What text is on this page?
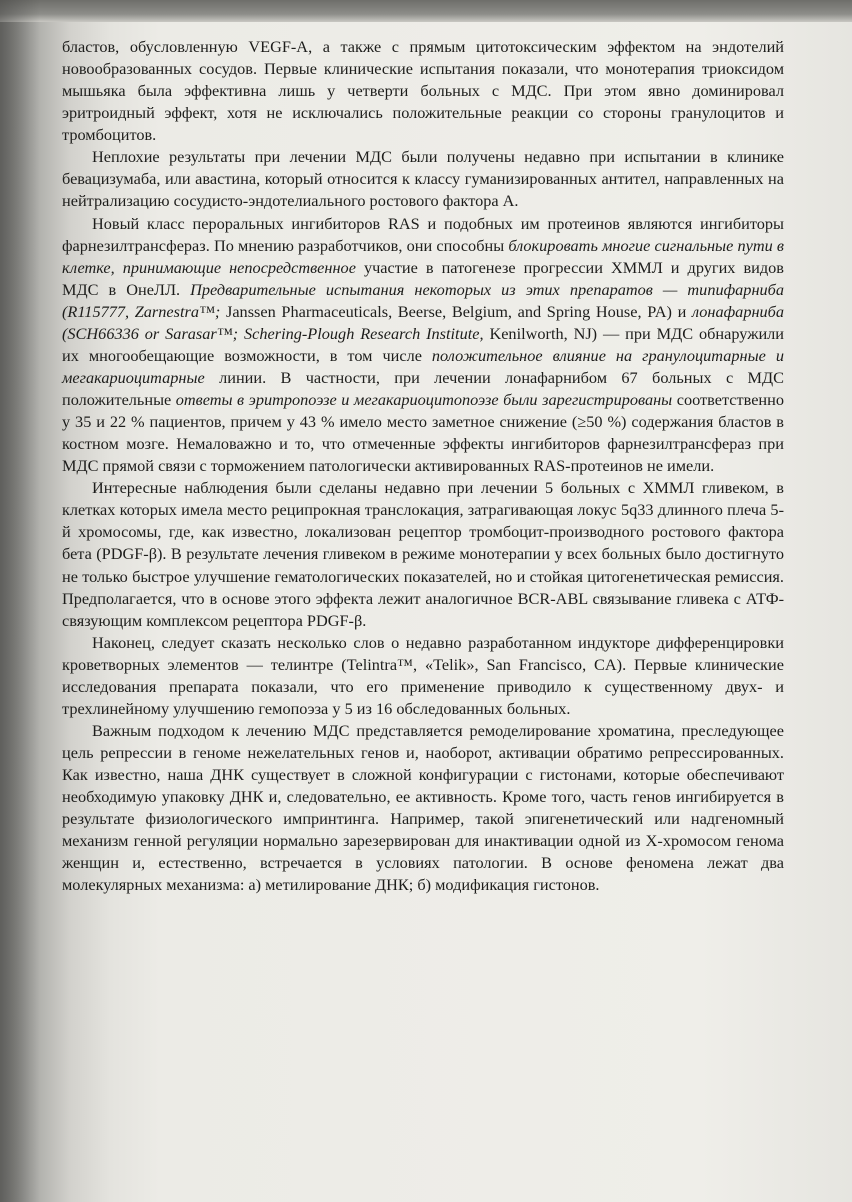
бластов, обусловленную VEGF-A, а также с прямым цитотоксическим эффектом на эндотелий новообразованных сосудов. Первые клинические испытания показали, что монотерапия триоксидом мышьяка была эффективна лишь у четверти больных с МДС. При этом явно доминировал эритроидный эффект, хотя не исключались положительные реакции со стороны гранулоцитов и тромбоцитов.

Неплохие результаты при лечении МДС были получены недавно при испытании в клинике бевацизумаба, или авастина, который относится к классу гуманизированных антител, направленных на нейтрализацию сосудисто-эндотелиального ростового фактора А.

Новый класс пероральных ингибиторов RAS и подобных им протеинов являются ингибиторы фарнезилтрансфераз. По мнению разработчиков, они способны блокировать многие сигнальные пути в клетке, принимающие непосредственное участие в патогенезе прогрессии ХММЛ и других видов МДС в ОнеЛЛ. Предварительные испытания некоторых из этих препаратов — типифарниба (R115777, Zarnestra™; Janssen Pharmaceuticals, Beerse, Belgium, and Spring House, PA) и лонафарниба (SCH66336 or Sarasar™; Schering-Plough Research Institute, Kenilworth, NJ) — при МДС обнаружили их многообещающие возможности, в том числе положительное влияние на гранулоцитарные и мегакариоцитарные линии. В частности, при лечении лонафарнибом 67 больных с МДС положительные ответы в эритропоэзе и мегакариоцитопоэзе были зарегистрированы соответственно у 35 и 22 % пациентов, причем у 43 % имело место заметное снижение (≥50 %) содержания бластов в костном мозге. Немаловажно и то, что отмеченные эффекты ингибиторов фарнезилтрансфераз при МДС прямой связи с торможением патологически активированных RAS-протеинов не имели.

Интересные наблюдения были сделаны недавно при лечении 5 больных с ХММЛ гливеком, в клетках которых имела место реципрокная транслокация, затрагивающая локус 5q33 длинного плеча 5-й хромосомы, где, как известно, локализован рецептор тромбоцит-производного ростового фактора бета (PDGF-β). В результате лечения гливеком в режиме монотерапии у всех больных было достигнуто не только быстрое улучшение гематологических показателей, но и стойкая цитогенетическая ремиссия. Предполагается, что в основе этого эффекта лежит аналогичное BCR-ABL связывание гливека с АТФ-связующим комплексом рецептора PDGF-β.

Наконец, следует сказать несколько слов о недавно разработанном индукторе дифференцировки кроветворных элементов — телинтре (Telintra™, «Telik», San Francisco, CA). Первые клинические исследования препарата показали, что его применение приводило к существенному двух- и трехлинейному улучшению гемопоэза у 5 из 16 обследованных больных.

Важным подходом к лечению МДС представляется ремоделирование хроматина, преследующее цель репрессии в геноме нежелательных генов и, наоборот, активации обратимо репрессированных. Как известно, наша ДНК существует в сложной конфигурации с гистонами, которые обеспечивают необходимую упаковку ДНК и, следовательно, ее активность. Кроме того, часть генов ингибируется в результате физиологического импринтинга. Например, такой эпигенетический или надгеномный механизм генной регуляции нормально зарезервирован для инактивации одной из Х-хромосом генома женщин и, естественно, встречается в условиях патологии. В основе феномена лежат два молекулярных механизма: а) метилирование ДНК; б) модификация гистонов.
